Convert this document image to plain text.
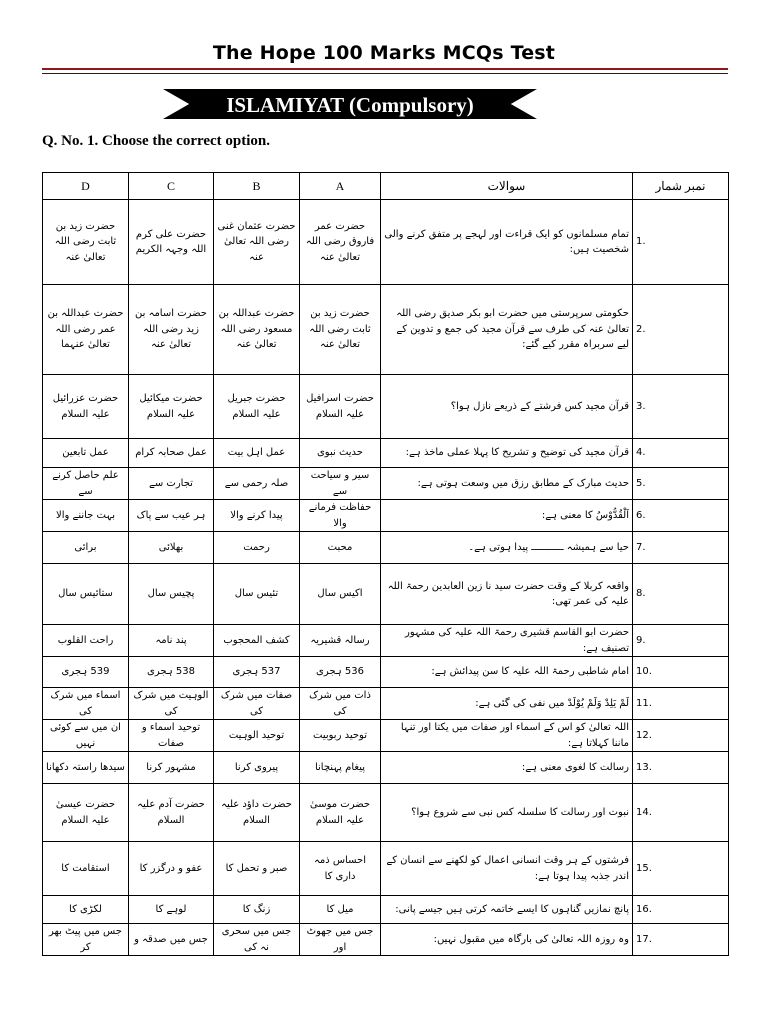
The Hope 100 Marks MCQs Test
ISLAMIYAT (Compulsory)
Q. No. 1. Choose the correct option.
D	C	B	A	سوالات	نمبر شمار
حضرت زید بن ثابت رضی اللہ تعالیٰ عنہ	حضرت علی کرم اللہ وجہہ الکریم	حضرت عثمان غنی رضی اللہ تعالیٰ عنہ	حضرت عمر فاروق رضی اللہ تعالیٰ عنہ	تمام مسلمانوں کو ایک قراءت اور لہجے پر متفق کرنے والی شخصیت ہیں:	1.
حضرت عبداللہ بن عمر رضی اللہ تعالیٰ عنہما	حضرت اسامہ بن زید رضی اللہ تعالیٰ عنہ	حضرت عبداللہ بن مسعود رضی اللہ تعالیٰ عنہ	حضرت زید بن ثابت رضی اللہ تعالیٰ عنہ	حکومتی سرپرستی میں حضرت ابو بکر صدیق رضی اللہ تعالیٰ عنہ کی طرف سے قرآن مجید کی جمع و تدوین کے لیے سربراہ مقرر کیے گئے:	2.
حضرت عزرائیل علیہ السلام	حضرت میکائیل علیہ السلام	حضرت جبریل علیہ السلام	حضرت اسرافیل علیہ السلام	قرآن مجید کس فرشتے کے ذریعے نازل ہوا؟	3.
عمل تابعین	عمل صحابہ کرام	عمل اہل بیت	حدیث نبوی	قرآن مجید کی توضیح و تشریح کا پہلا عملی ماخذ ہے:	4.
علم حاصل کرنے سے	تجارت سے	صلہ رحمی سے	سیر و سیاحت سے	حدیث مبارک کے مطابق رزق میں وسعت ہوتی ہے:	5.
بہت جاننے والا	ہر عیب سے پاک	پیدا کرنے والا	حفاظت فرمانے والا	اَلْقُدُّوْسُ کا معنی ہے:	6.
برائی	بھلائی	رحمت	محبت	حیا سے ہمیشہ ـــــــــــ پیدا ہوتی ہے۔	7.
ستائیس سال	پچیس سال	تئیس سال	اکیس سال	واقعہ کربلا کے وقت حضرت سید نا زین العابدین رحمۃ اللہ علیہ کی عمر تھی:	8.
راحت القلوب	پند نامہ	کشف المحجوب	رسالہ قشیریہ	حضرت ابو القاسم قشیری رحمۃ اللہ علیہ کی مشہور تصنیف ہے:	9.
539 ہجری	538 ہجری	537 ہجری	536 ہجری	امام شاطبی رحمۃ اللہ علیہ کا سن پیدائش ہے:	10.
اسماء میں شرک کی	الوہیت میں شرک کی	صفات میں شرک کی	ذات میں شرک کی	لَمْ يَلِدْ وَلَمْ يُوْلَدْ میں نفی کی گئی ہے:	11.
ان میں سے کوئی نہیں	توحید اسماء و صفات	توحید الوہیت	توحید ربوبیت	اللہ تعالیٰ کو اس کے اسماء اور صفات میں یکتا اور تنہا ماننا کہلاتا ہے:	12.
سیدھا راستہ دکھانا	مشہور کرنا	پیروی کرنا	پیغام پہنچانا	رسالت کا لغوی معنی ہے:	13.
حضرت عیسیٰ علیہ السلام	حضرت آدم علیہ السلام	حضرت داؤد علیہ السلام	حضرت موسیٰ علیہ السلام	نبوت اور رسالت کا سلسلہ کس نبی سے شروع ہوا؟	14.
استقامت کا	عفو و درگزر کا	صبر و تحمل کا	احساس ذمہ داری کا	فرشتوں کے ہر وقت انسانی اعمال کو لکھنے سے انسان کے اندر جذبہ پیدا ہوتا ہے:	15.
لکڑی کا	لوہے کا	زنگ کا	میل کا	پانچ نمازیں گناہوں کا ایسے خاتمہ کرتی ہیں جیسے پانی:	16.
جس میں پیٹ بھر کر	جس میں صدقہ و	جس میں سحری نہ کی	جس میں جھوٹ اور	وہ روزہ اللہ تعالیٰ کی بارگاہ میں مقبول نہیں:	17.
